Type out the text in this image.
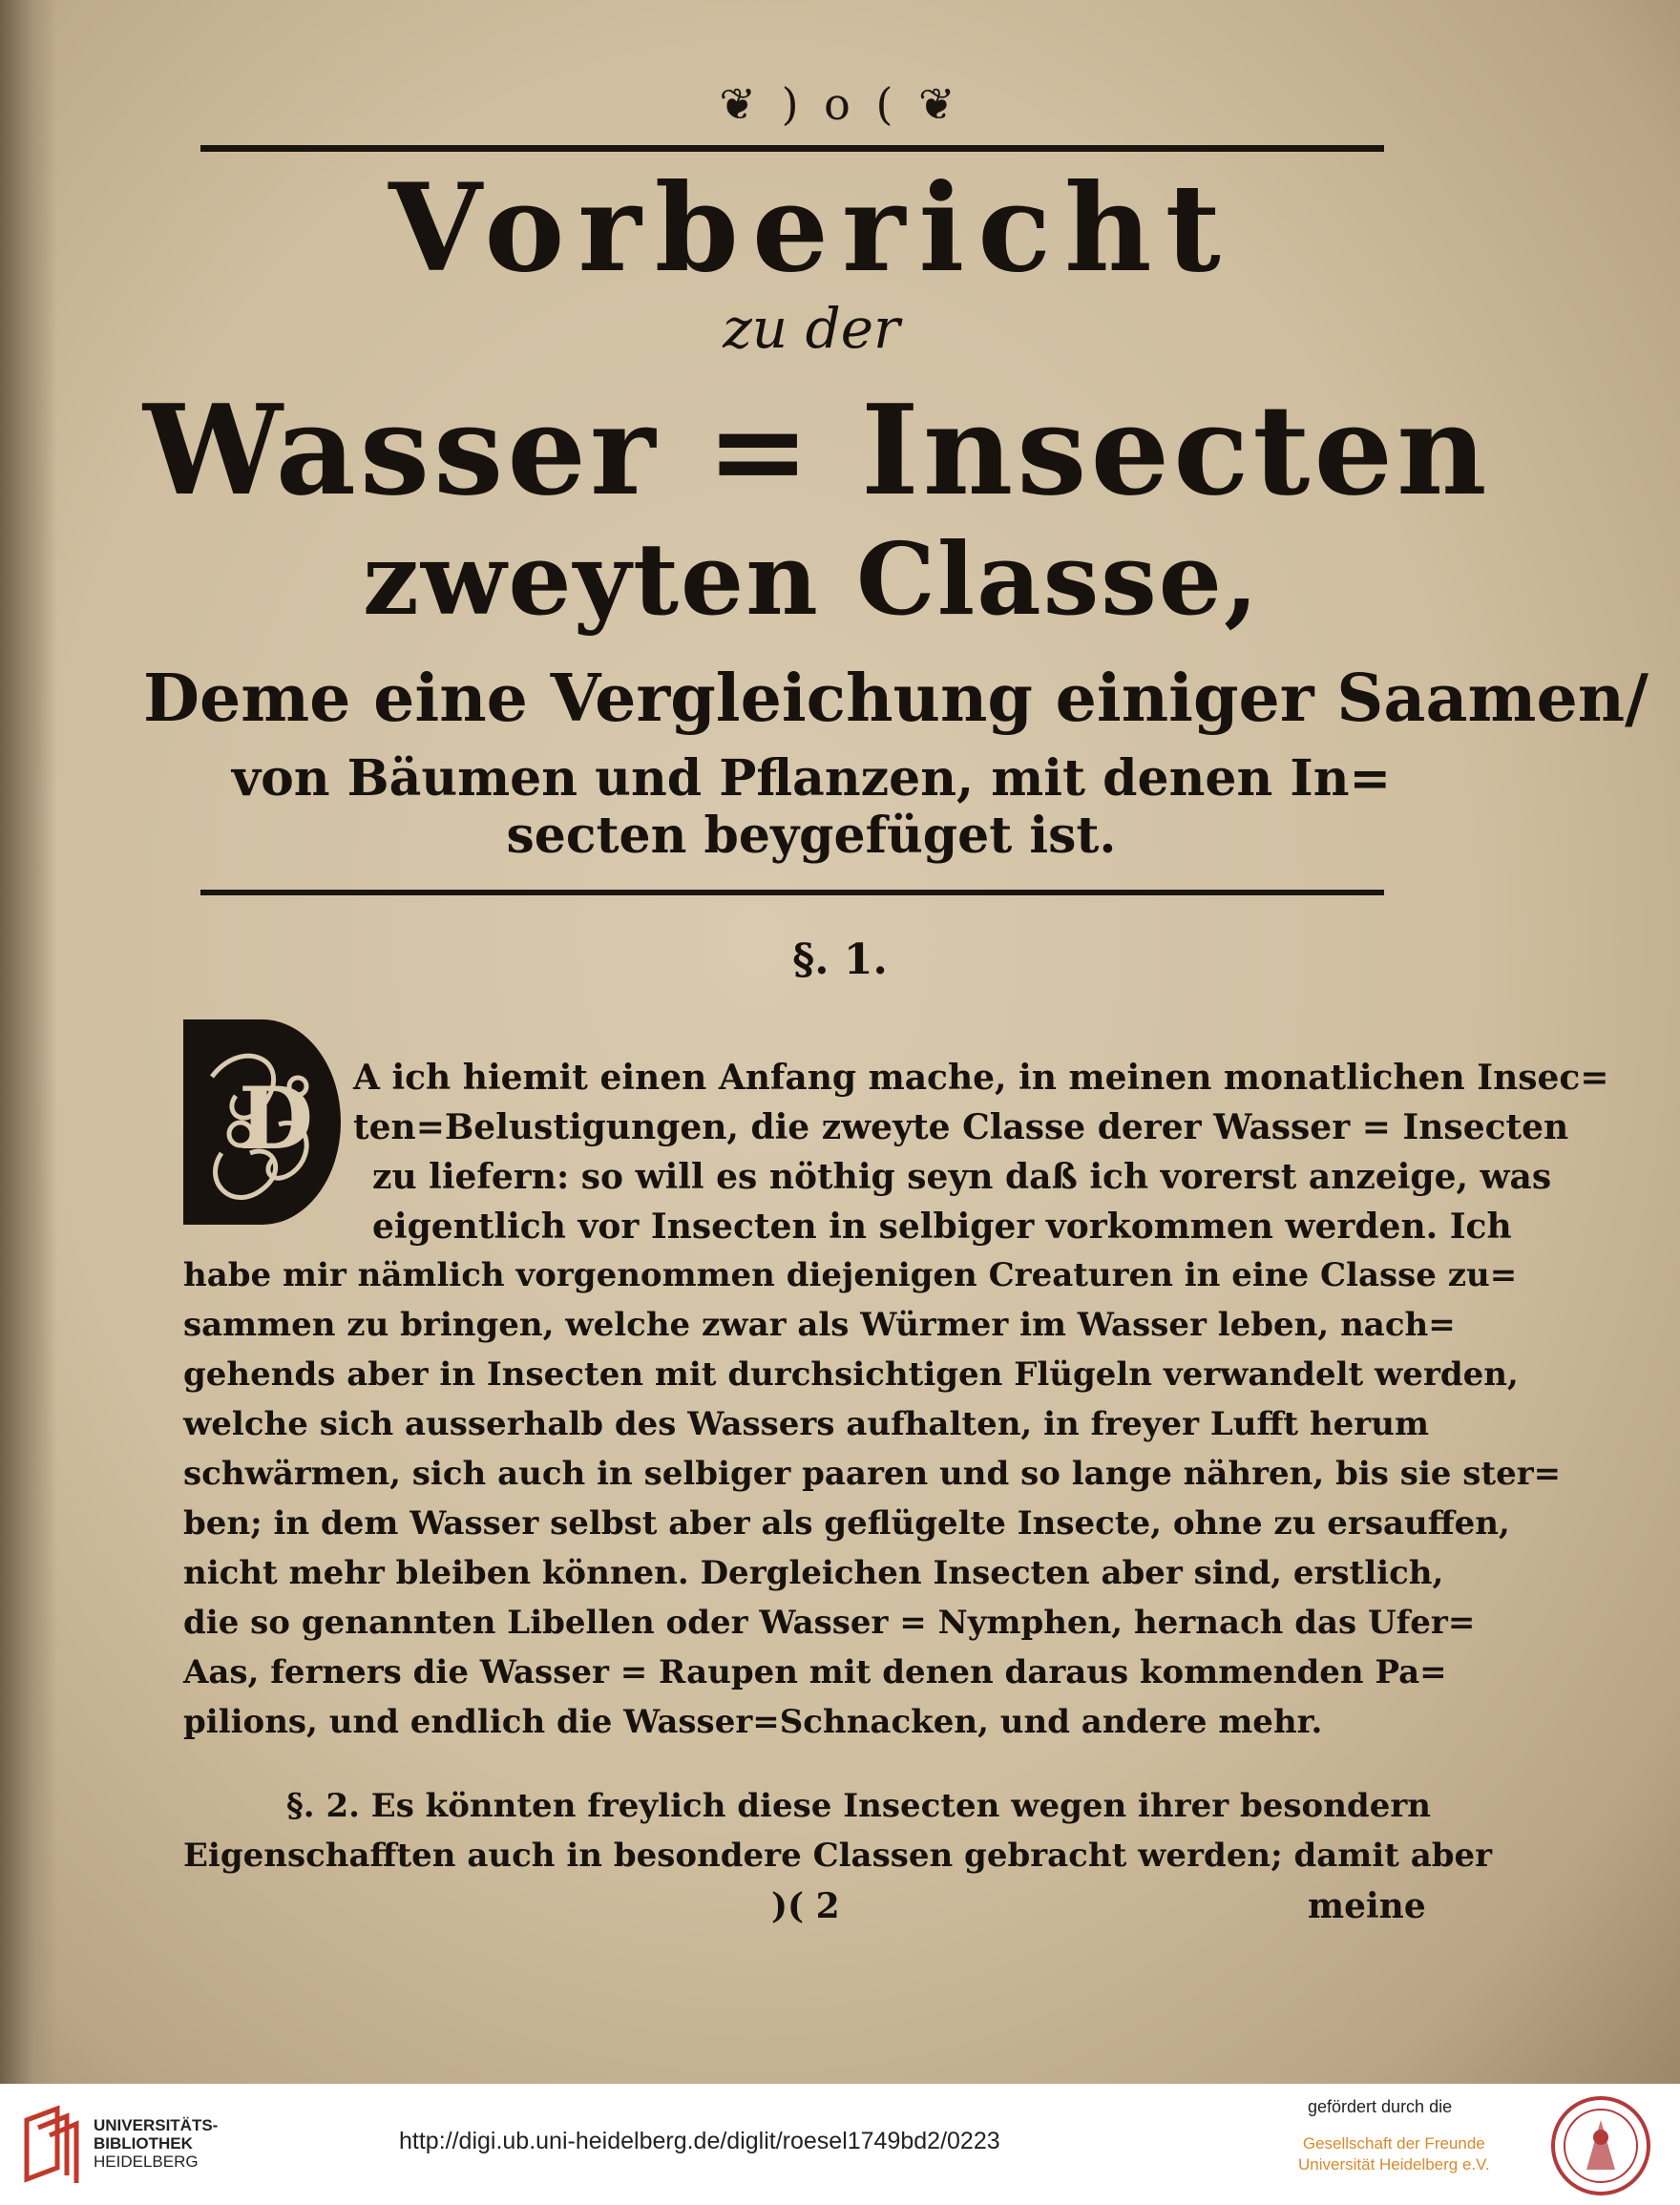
❦ ) o ( ❦
Vorbericht
zu der
Wasser = Insecten
zweyten Classe,
Deme eine Vergleichung einiger Saamen/
von Bäumen und Pflanzen, mit denen In=
secten beygefüget ist.
§. 1.
D A ich hiemit einen Anfang mache, in meinen monatlichen Insec=
ten=Belustigungen, die zweyte Classe derer Wasser = Insecten
zu liefern: so will es nöthig seyn daß ich vorerst anzeige, was
eigentlich vor Insecten in selbiger vorkommen werden. Ich
habe mir nämlich vorgenommen diejenigen Creaturen in eine Classe zu=
sammen zu bringen, welche zwar als Würmer im Wasser leben, nach=
gehends aber in Insecten mit durchsichtigen Flügeln verwandelt werden,
welche sich ausserhalb des Wassers aufhalten, in freyer Lufft herum
schwärmen, sich auch in selbiger paaren und so lange nähren, bis sie ster=
ben; in dem Wasser selbst aber als geflügelte Insecte, ohne zu ersauffen,
nicht mehr bleiben können. Dergleichen Insecten aber sind, erstlich,
die so genannten Libellen oder Wasser = Nymphen, hernach das Ufer=
Aas, ferners die Wasser = Raupen mit denen daraus kommenden Pa=
pilions, und endlich die Wasser=Schnacken, und andere mehr.
§. 2. Es könnten freylich diese Insecten wegen ihrer besondern
Eigenschafften auch in besondere Classen gebracht werden; damit aber
)( 2	meine
UNIVERSITÄTS-
BIBLIOTHEK
HEIDELBERG
http://digi.ub.uni-heidelberg.de/diglit/roesel1749bd2/0223
gefördert durch die
Gesellschaft der Freunde
Universität Heidelberg e.V.
